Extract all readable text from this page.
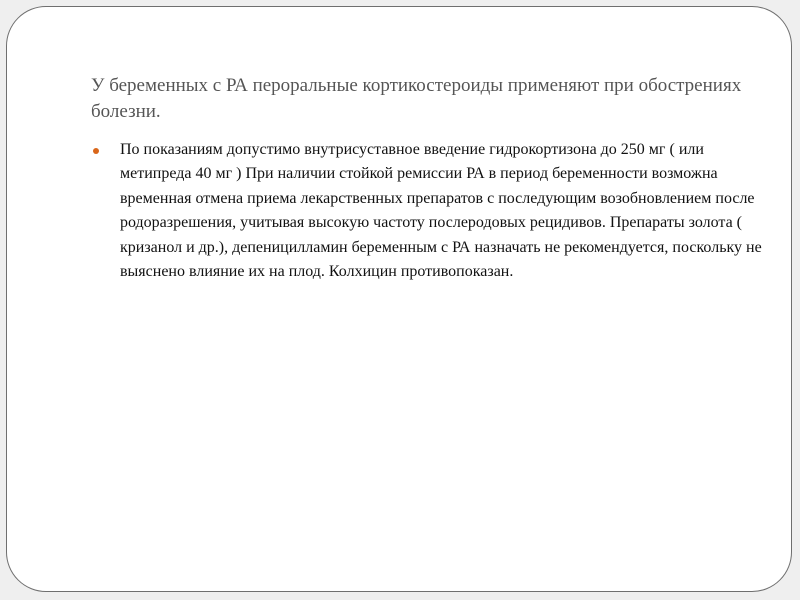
У беременных с РА пероральные кортикостероиды применяют при обострениях болезни.
По показаниям допустимо внутрисуставное введение гидрокортизона до 250 мг ( или метипреда 40 мг ) При наличии стойкой ремиссии РА в период беременности возможна временная отмена приема лекарственных препаратов с последующим возобновлением после родоразрешения, учитывая высокую частоту послеродовых рецидивов. Препараты золота ( кризанол и др.), депеницилламин беременным с РА назначать не рекомендуется, поскольку не выяснено влияние их на плод. Колхицин противопоказан.
